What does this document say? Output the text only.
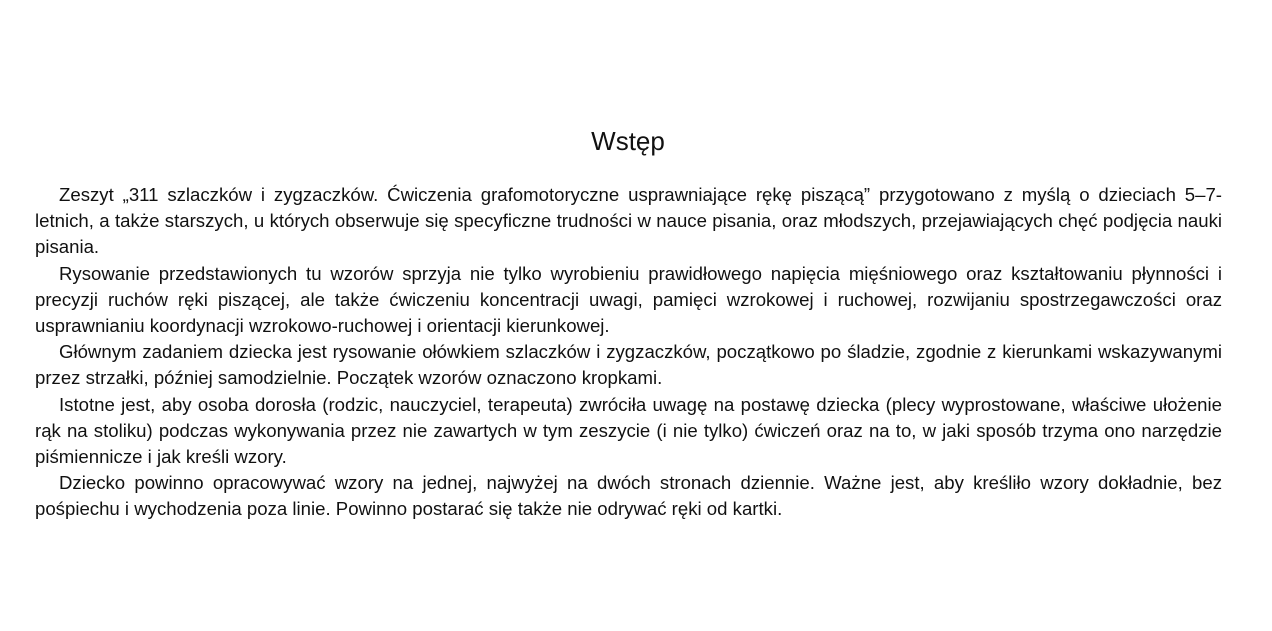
Wstęp

Zeszyt „311 szlaczków i zygzaczków. Ćwiczenia grafomotoryczne usprawniające rękę piszącą” przygotowano z myślą o dzieciach 5–7-letnich, a także starszych, u których obserwuje się specyficzne trudności w nauce pisania, oraz młodszych, przejawiających chęć podjęcia nauki pisania.

Rysowanie przedstawionych tu wzorów sprzyja nie tylko wyrobieniu prawidłowego napięcia mięśniowego oraz kształtowaniu płynności i precyzji ruchów ręki piszącej, ale także ćwiczeniu koncentracji uwagi, pamięci wzrokowej i ruchowej, rozwijaniu spostrzegawczości oraz usprawnianiu koordynacji wzrokowo-ruchowej i orientacji kierunkowej.

Głównym zadaniem dziecka jest rysowanie ołówkiem szlaczków i zygzaczków, początkowo po śladzie, zgodnie z kierunkami wskazywanymi przez strzałki, później samodzielnie. Początek wzorów oznaczono kropkami.

Istotne jest, aby osoba dorosła (rodzic, nauczyciel, terapeuta) zwróciła uwagę na postawę dziecka (plecy wyprostowane, właściwe ułożenie rąk na stoliku) podczas wykonywania przez nie zawartych w tym zeszycie (i nie tylko) ćwiczeń oraz na to, w jaki sposób trzyma ono narzędzie piśmiennicze i jak kreśli wzory.

Dziecko powinno opracowywać wzory na jednej, najwyżej na dwóch stronach dziennie. Ważne jest, aby kreśliło wzory dokładnie, bez pośpiechu i wychodzenia poza linie. Powinno postarać się także nie odrywać ręki od kartki.
